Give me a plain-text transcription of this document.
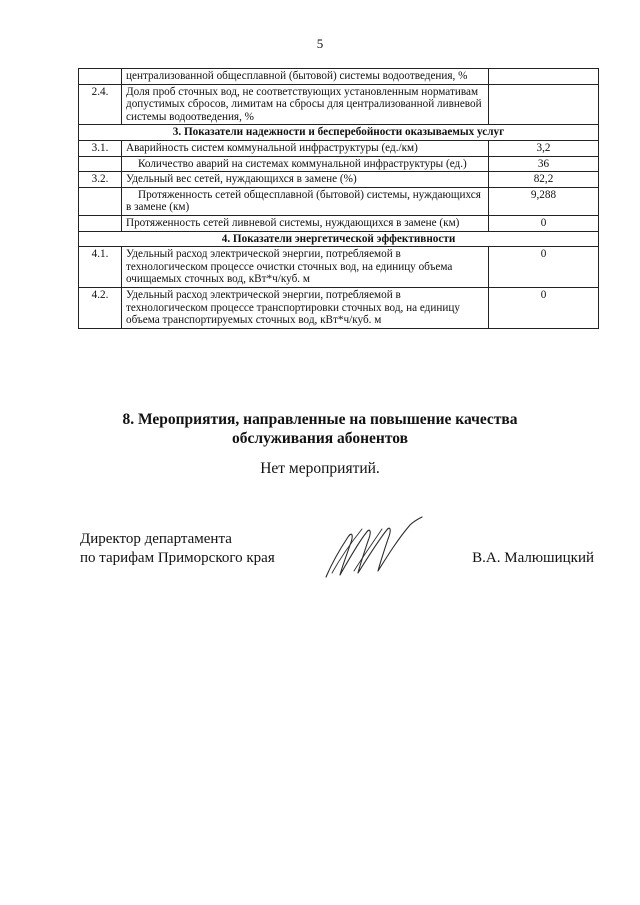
5
	централизованной общесплавной (бытовой) системы водоотведения, %	
2.4.	Доля проб сточных вод, не соответствующих установленным нормативам допустимых сбросов, лимитам на сбросы для централизованной ливневой системы водоотведения, %	
3. Показатели надежности и бесперебойности оказываемых услуг		
3.1.	Аварийность систем коммунальной инфраструктуры (ед./км)	3,2
	Количество аварий на системах коммунальной инфраструктуры (ед.)	36
3.2.	Удельный вес сетей, нуждающихся в замене (%)	82,2
	Протяженность сетей общесплавной (бытовой) системы, нуждающихся в замене (км)	9,288
	Протяженность сетей ливневой системы, нуждающихся в замене (км)	0
4. Показатели энергетической эффективности		
4.1.	Удельный расход электрической энергии, потребляемой в технологическом процессе очистки сточных вод, на единицу объема очищаемых сточных вод, кВт*ч/куб. м	0
4.2.	Удельный расход электрической энергии, потребляемой в технологическом процессе транспортировки сточных вод, на единицу объема транспортируемых сточных вод, кВт*ч/куб. м	0
8. Мероприятия, направленные на повышение качества
обслуживания абонентов
Нет мероприятий.
Директор департамента
по тарифам Приморского края	В.А. Малюшицкий
